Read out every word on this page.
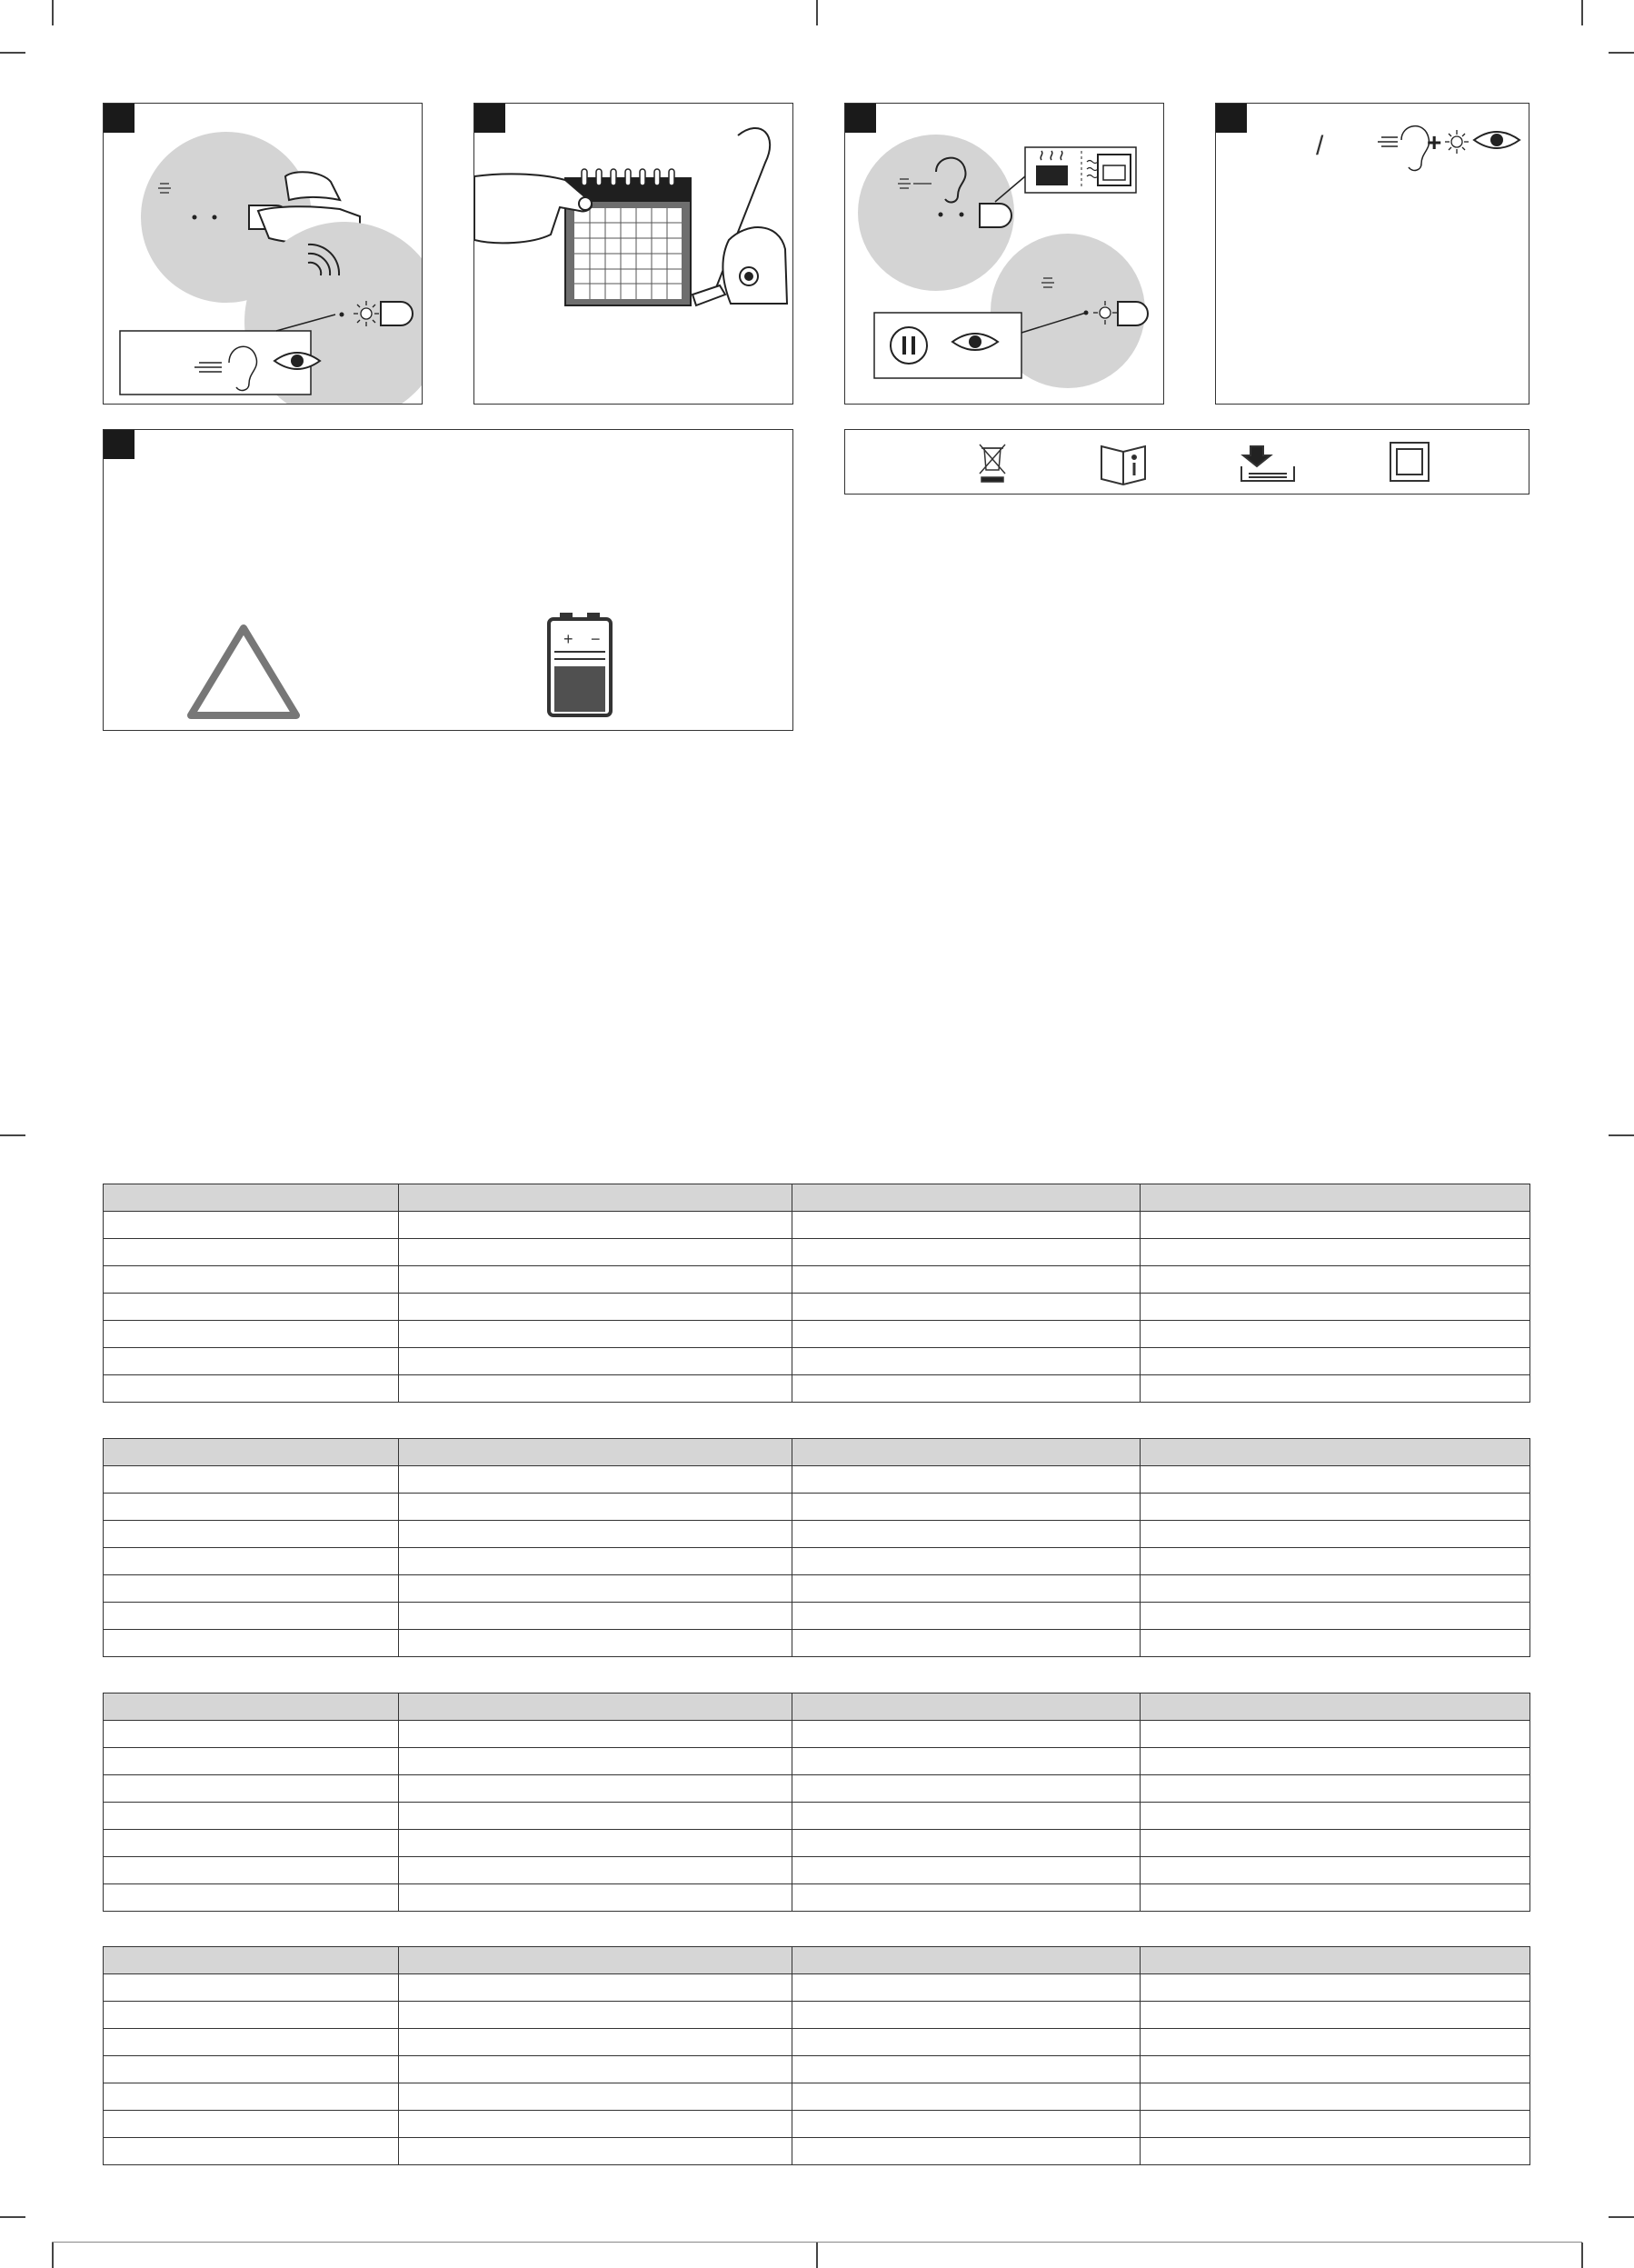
/	+
+ −
